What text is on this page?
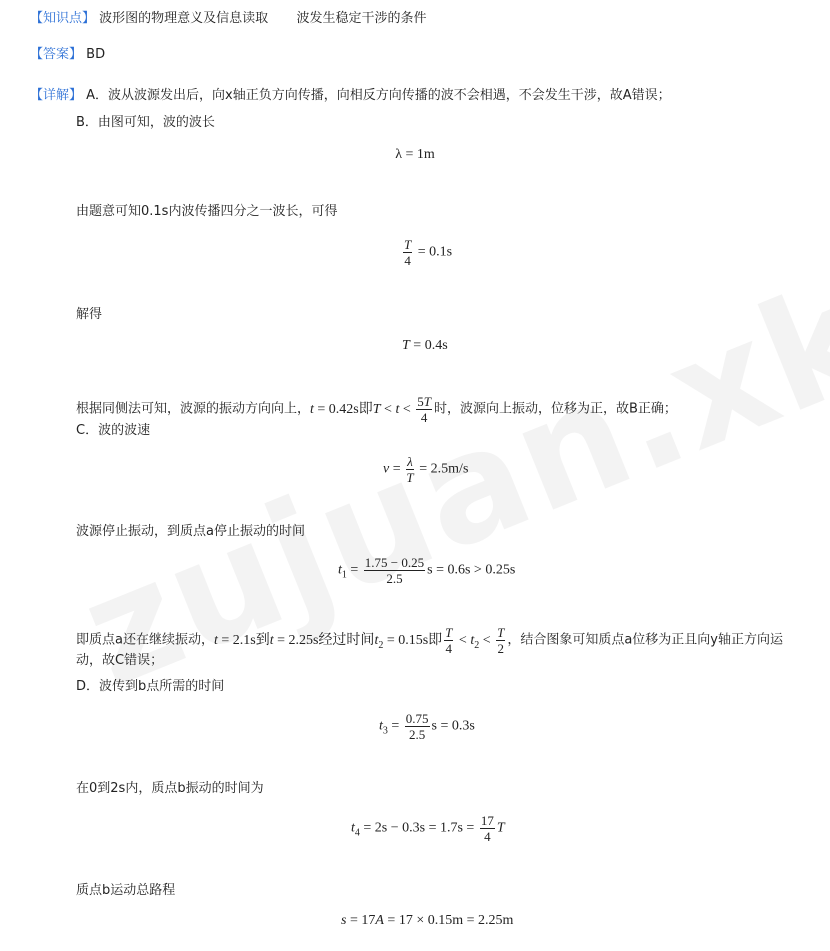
【知识点】 波形图的物理意义及信息读取 波发生稳定干涉的条件
【答案】 BD
【详解】 A．波从波源发出后，向x轴正负方向传播，向相反方向传播的波不会相遇，不会发生干涉，故A错误；
B．由图可知，波的波长
λ = 1m
由题意可知0.1s内波传播四分之一波长，可得
$\frac{T}{4} = 0.1s$
解得
T = 0.4s
根据同侧法可知，波源的振动方向向上，t = 0.42s即$T < t < \frac{5T}{4}$ 时，波源向上振动，位移为正，故B正确；
C．波的波速
$v = \frac{\lambda}{T} = 2.5m/s$
波源停止振动，到质点a停止振动的时间
$t_1 = \frac{1.75 - 0.25}{2.5}$ s = 0.6s > 0.25s
即质点a还在继续振动，t = 2.1s到t = 2.25s经过时间$t_2 = 0.15s$即 $\frac{T}{4} < t_2 < \frac{T}{2}$ ，结合图象可知质点a位移为正且向y轴正方向运
动，故C错误；
D．波传到b点所需的时间
$t_3 = \frac{0.75}{2.5}$ s = 0.3s
在0到2s内，质点b振动的时间为
$t_4 = 2s - 0.3s = 1.7s = \frac{17}{4}$ T
质点b运动总路程
s = 17A = 17 × 0.15m = 2.25m
